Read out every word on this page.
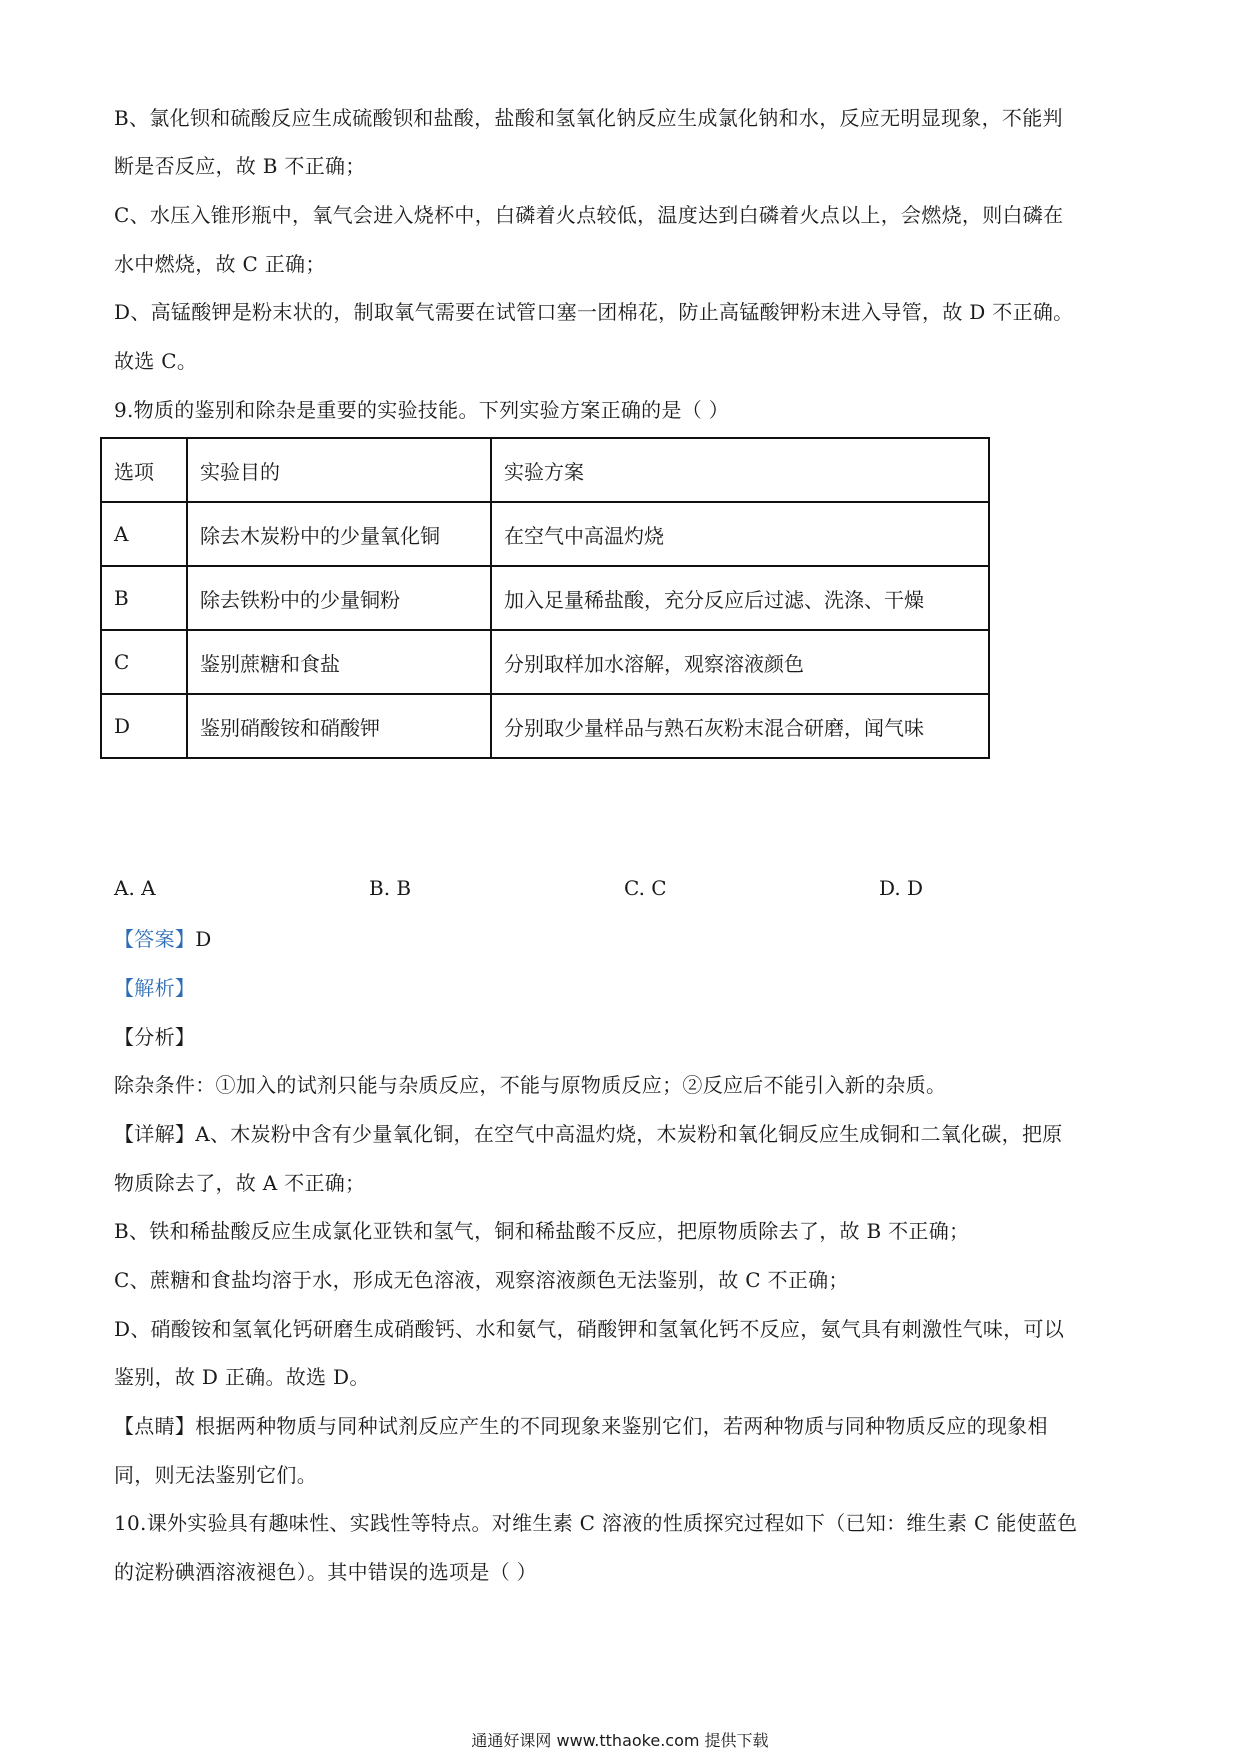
B、氯化钡和硫酸反应生成硫酸钡和盐酸，盐酸和氢氧化钠反应生成氯化钠和水，反应无明显现象，不能判
断是否反应，故 B 不正确；
C、水压入锥形瓶中，氧气会进入烧杯中，白磷着火点较低，温度达到白磷着火点以上，会燃烧，则白磷在
水中燃烧，故 C 正确；
D、高锰酸钾是粉末状的，制取氧气需要在试管口塞一团棉花，防止高锰酸钾粉末进入导管，故 D 不正确。
故选 C。
9.物质的鉴别和除杂是重要的实验技能。下列实验方案正确的是（ ）
选项	实验目的	实验方案
A	除去木炭粉中的少量氧化铜	在空气中高温灼烧
B	除去铁粉中的少量铜粉	加入足量稀盐酸，充分反应后过滤、洗涤、干燥
C	鉴别蔗糖和食盐	分别取样加水溶解，观察溶液颜色
D	鉴别硝酸铵和硝酸钾	分别取少量样品与熟石灰粉末混合研磨，闻气味
A. A	B. B	C. C	D. D
【答案】D
【解析】
【分析】
除杂条件：①加入的试剂只能与杂质反应，不能与原物质反应；②反应后不能引入新的杂质。
【详解】A、木炭粉中含有少量氧化铜，在空气中高温灼烧，木炭粉和氧化铜反应生成铜和二氧化碳，把原
物质除去了，故 A 不正确；
B、铁和稀盐酸反应生成氯化亚铁和氢气，铜和稀盐酸不反应，把原物质除去了，故 B 不正确；
C、蔗糖和食盐均溶于水，形成无色溶液，观察溶液颜色无法鉴别，故 C 不正确；
D、硝酸铵和氢氧化钙研磨生成硝酸钙、水和氨气，硝酸钾和氢氧化钙不反应，氨气具有刺激性气味，可以
鉴别，故 D 正确。故选 D。
【点睛】根据两种物质与同种试剂反应产生的不同现象来鉴别它们，若两种物质与同种物质反应的现象相
同，则无法鉴别它们。
10.课外实验具有趣味性、实践性等特点。对维生素 C 溶液的性质探究过程如下（已知：维生素 C 能使蓝色
的淀粉碘酒溶液褪色）。其中错误的选项是（ ）
通通好课网 www.tthaoke.com 提供下载
